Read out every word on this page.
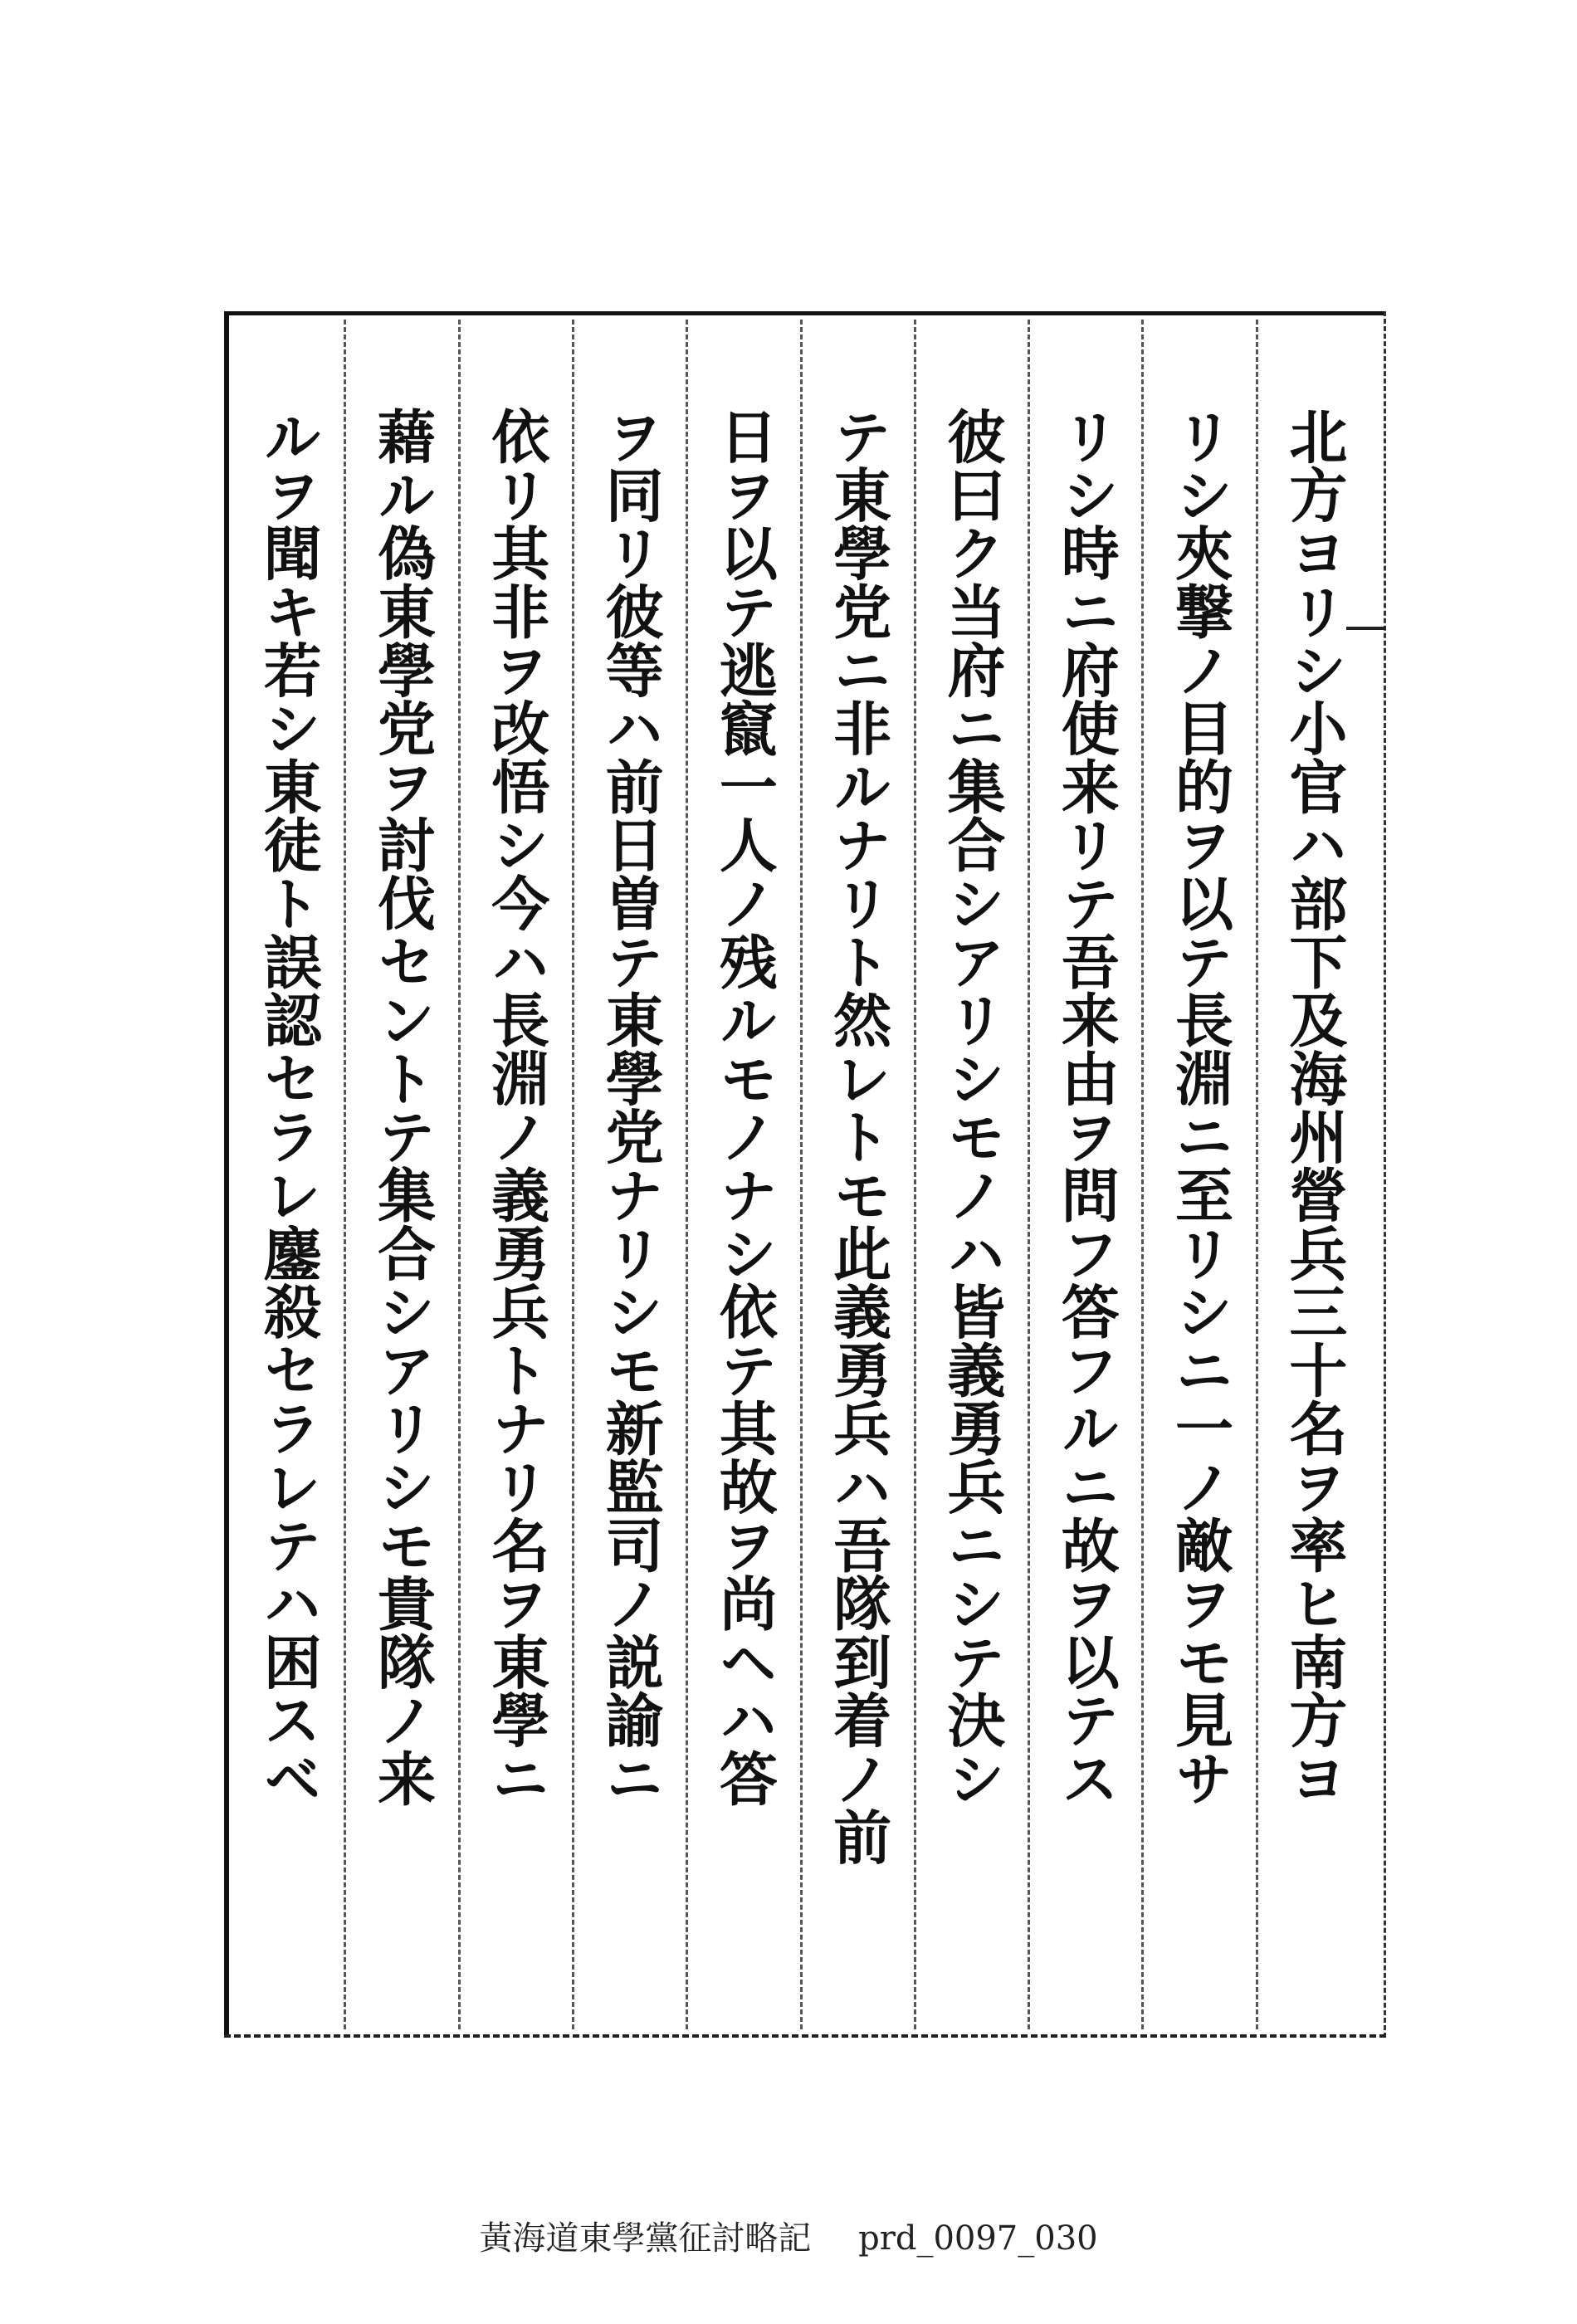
北方ヨリシ小官ハ部下及海州營兵三十名ヲ率ヒ南方ヨ
リシ夾撃ノ目的ヲ以テ長淵ニ至リシニ一ノ敵ヲモ見サ
リシ時ニ府使来リテ吾来由ヲ問フ答フルニ故ヲ以テス
彼曰ク当府ニ集合シアリシモノハ皆義勇兵ニシテ決シ
テ東學党ニ非ルナリト然レトモ此義勇兵ハ吾隊到着ノ前
日ヲ以テ逃竄一人ノ残ルモノナシ依テ其故ヲ尚ヘハ答
ヲ同リ彼等ハ前日曽テ東學党ナリシモ新監司ノ説諭ニ
依リ其非ヲ改悟シ今ハ長淵ノ義勇兵トナリ名ヲ東學ニ
藉ル偽東學党ヲ討伐セントテ集合シアリシモ貴隊ノ来
ルヲ聞キ若シ東徒ト誤認セラレ鏖殺セラレテハ困スベ
黃海道東學黨征討略記 prd_0097_030
